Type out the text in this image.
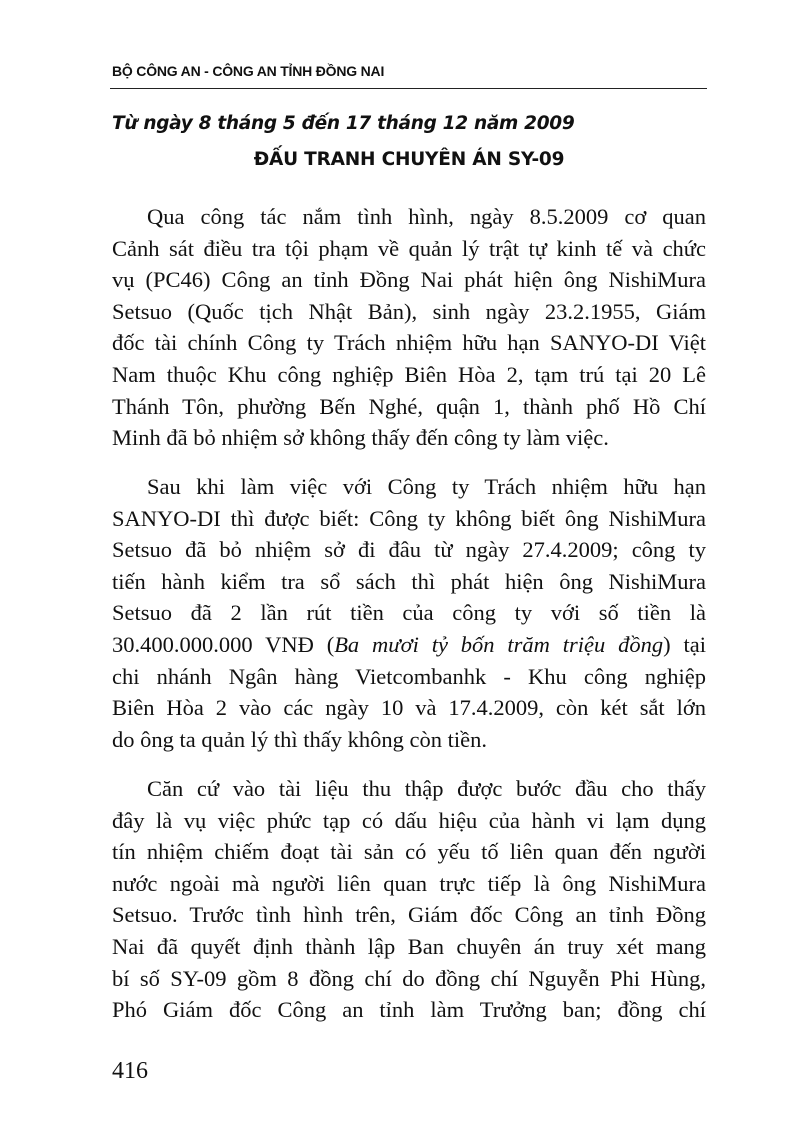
BỘ CÔNG AN - CÔNG AN TỈNH ĐỒNG NAI
Từ ngày 8 tháng 5 đến 17 tháng 12 năm 2009
ĐẤU TRANH CHUYÊN ÁN SY-09
Qua công tác nắm tình hình, ngày 8.5.2009 cơ quan
Cảnh sát điều tra tội phạm về quản lý trật tự kinh tế và chức
vụ (PC46) Công an tỉnh Đồng Nai phát hiện ông NishiMura
Setsuo (Quốc tịch Nhật Bản), sinh ngày 23.2.1955, Giám
đốc tài chính Công ty Trách nhiệm hữu hạn SANYO-DI Việt
Nam thuộc Khu công nghiệp Biên Hòa 2, tạm trú tại 20 Lê
Thánh Tôn, phường Bến Nghé, quận 1, thành phố Hồ Chí
Minh đã bỏ nhiệm sở không thấy đến công ty làm việc.
Sau khi làm việc với Công ty Trách nhiệm hữu hạn
SANYO-DI thì được biết: Công ty không biết ông NishiMura
Setsuo đã bỏ nhiệm sở đi đâu từ ngày 27.4.2009; công ty
tiến hành kiểm tra sổ sách thì phát hiện ông NishiMura
Setsuo đã 2 lần rút tiền của công ty với số tiền là
30.400.000.000 VNĐ (Ba mươi tỷ bốn trăm triệu đồng) tại
chi nhánh Ngân hàng Vietcombanhk - Khu công nghiệp
Biên Hòa 2 vào các ngày 10 và 17.4.2009, còn két sắt lớn
do ông ta quản lý thì thấy không còn tiền.
Căn cứ vào tài liệu thu thập được bước đầu cho thấy
đây là vụ việc phức tạp có dấu hiệu của hành vi lạm dụng
tín nhiệm chiếm đoạt tài sản có yếu tố liên quan đến người
nước ngoài mà người liên quan trực tiếp là ông NishiMura
Setsuo. Trước tình hình trên, Giám đốc Công an tỉnh Đồng
Nai đã quyết định thành lập Ban chuyên án truy xét mang
bí số SY-09 gồm 8 đồng chí do đồng chí Nguyễn Phi Hùng,
Phó Giám đốc Công an tỉnh làm Trưởng ban; đồng chí
416
